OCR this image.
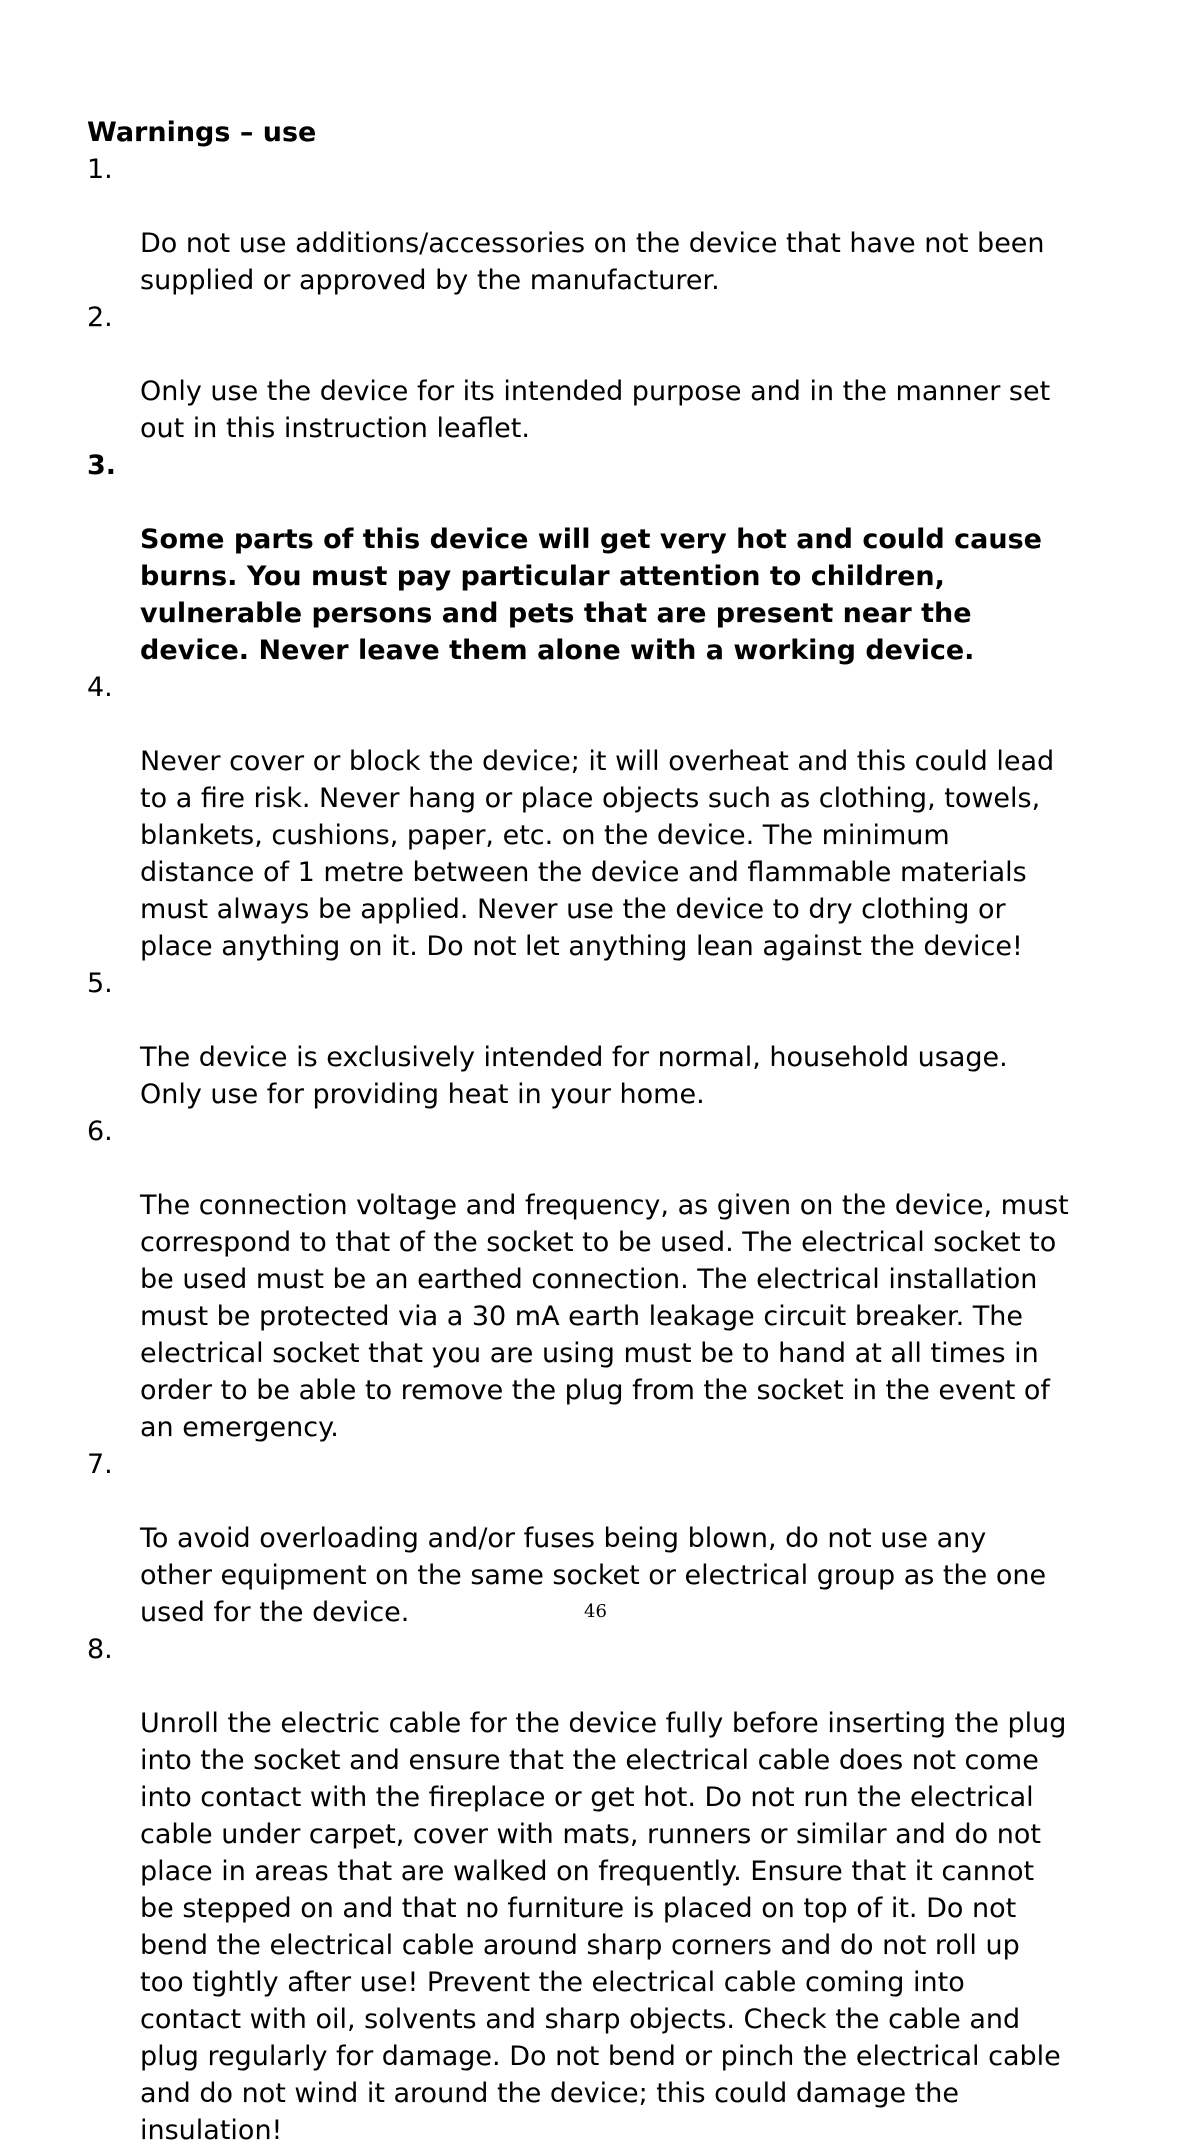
Warnings – use

1.

Do not use additions/accessories on the device that have not been
supplied or approved by the manufacturer.

2.

Only use the device for its intended purpose and in the manner set
out in this instruction leaflet.

3.

Some parts of this device will get very hot and could cause
burns. You must pay particular attention to children,
vulnerable persons and pets that are present near the
device. Never leave them alone with a working device.

4.

Never cover or block the device; it will overheat and this could lead
to a fire risk. Never hang or place objects such as clothing, towels,
blankets, cushions, paper, etc. on the device. The minimum
distance of 1 metre between the device and flammable materials
must always be applied. Never use the device to dry clothing or
place anything on it. Do not let anything lean against the device!

5.

The device is exclusively intended for normal, household usage.
Only use for providing heat in your home.

6.

The connection voltage and frequency, as given on the device, must
correspond to that of the socket to be used. The electrical socket to
be used must be an earthed connection. The electrical installation
must be protected via a 30 mA earth leakage circuit breaker. The
electrical socket that you are using must be to hand at all times in
order to be able to remove the plug from the socket in the event of
an emergency.

7.

To avoid overloading and/or fuses being blown, do not use any
other equipment on the same socket or electrical group as the one
used for the device.

8.

Unroll the electric cable for the device fully before inserting the plug
into the socket and ensure that the electrical cable does not come
into contact with the fireplace or get hot. Do not run the electrical
cable under carpet, cover with mats, runners or similar and do not
place in areas that are walked on frequently. Ensure that it cannot
be stepped on and that no furniture is placed on top of it. Do not
bend the electrical cable around sharp corners and do not roll up
too tightly after use! Prevent the electrical cable coming into
contact with oil, solvents and sharp objects. Check the cable and
plug regularly for damage. Do not bend or pinch the electrical cable
and do not wind it around the device; this could damage the
insulation!

46
